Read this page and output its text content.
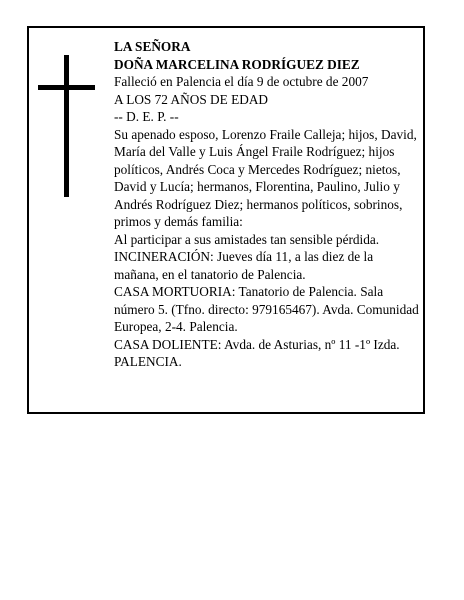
LA SEÑORA

DOÑA MARCELINA RODRÍGUEZ DIEZ

Falleció en Palencia el día 9 de octubre de 2007

A LOS 72 AÑOS DE EDAD

-- D. E. P. --

Su apenado esposo, Lorenzo Fraile Calleja; hijos, David, María del Valle y Luis Ángel Fraile Rodríguez; hijos políticos, Andrés Coca y Mercedes Rodríguez; nietos, David y Lucía; hermanos, Florentina, Paulino, Julio y Andrés Rodríguez Diez; hermanos políticos, sobrinos, primos y demás familia:

Al participar a sus amistades tan sensible pérdida.

INCINERACIÓN: Jueves día 11, a las diez de la mañana, en el tanatorio de Palencia.

CASA MORTUORIA: Tanatorio de Palencia. Sala número 5. (Tfno. directo: 979165467). Avda. Comunidad Europea, 2-4. Palencia.

CASA DOLIENTE: Avda. de Asturias, nº 11 -1º Izda. PALENCIA.
